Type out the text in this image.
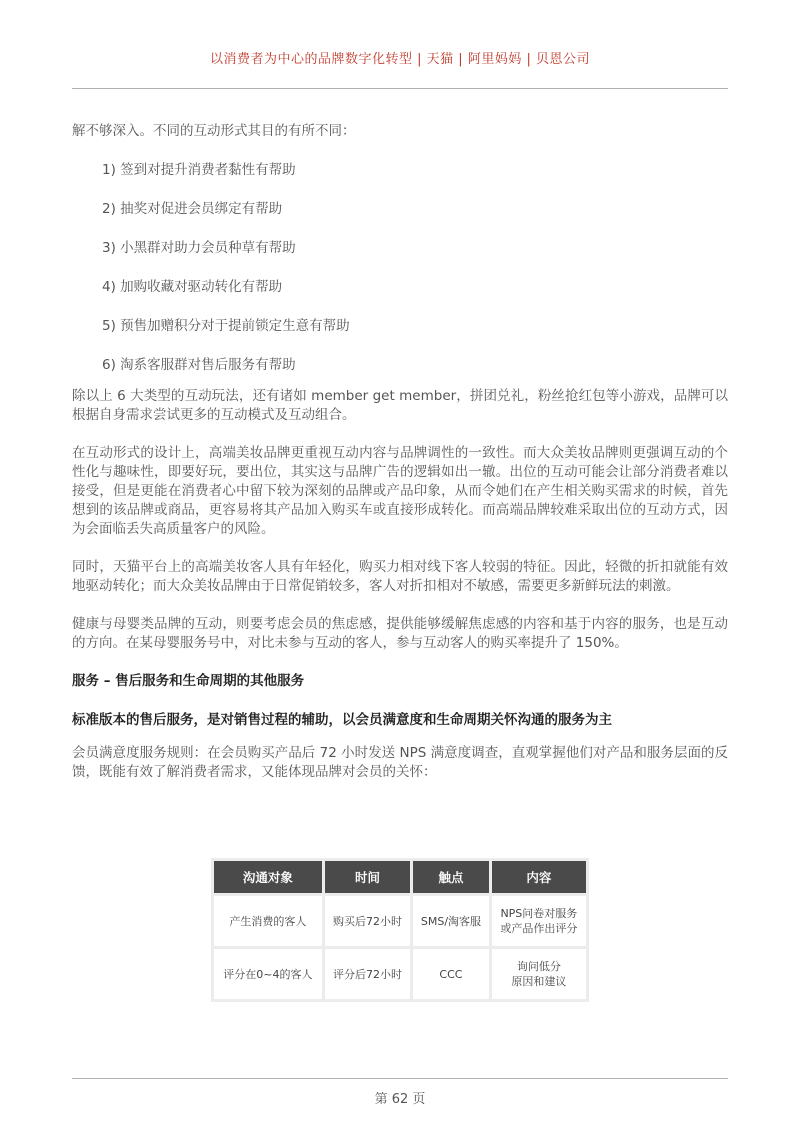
以消费者为中心的品牌数字化转型 | 天猫 | 阿里妈妈 | 贝恩公司

解不够深入。不同的互动形式其目的有所不同：

1) 签到对提升消费者黏性有帮助

2) 抽奖对促进会员绑定有帮助

3) 小黑群对助力会员种草有帮助

4) 加购收藏对驱动转化有帮助

5) 预售加赠积分对于提前锁定生意有帮助

6) 淘系客服群对售后服务有帮助

除以上 6 大类型的互动玩法，还有诸如 member get member，拼团兑礼，粉丝抢红包等小游戏，品牌可以根据自身需求尝试更多的互动模式及互动组合。

在互动形式的设计上，高端美妆品牌更重视互动内容与品牌调性的一致性。而大众美妆品牌则更强调互动的个性化与趣味性，即要好玩，要出位，其实这与品牌广告的逻辑如出一辙。出位的互动可能会让部分消费者难以接受，但是更能在消费者心中留下较为深刻的品牌或产品印象，从而令她们在产生相关购买需求的时候，首先想到的该品牌或商品，更容易将其产品加入购买车或直接形成转化。而高端品牌较难采取出位的互动方式，因为会面临丢失高质量客户的风险。

同时，天猫平台上的高端美妆客人具有年轻化，购买力相对线下客人较弱的特征。因此，轻微的折扣就能有效地驱动转化；而大众美妆品牌由于日常促销较多，客人对折扣相对不敏感，需要更多新鲜玩法的刺激。

健康与母婴类品牌的互动，则要考虑会员的焦虑感，提供能够缓解焦虑感的内容和基于内容的服务，也是互动的方向。在某母婴服务号中，对比未参与互动的客人，参与互动客人的购买率提升了 150%。

服务 – 售后服务和生命周期的其他服务

标准版本的售后服务，是对销售过程的辅助，以会员满意度和生命周期关怀沟通的服务为主

会员满意度服务规则：在会员购买产品后 72 小时发送 NPS 满意度调查，直观掌握他们对产品和服务层面的反馈，既能有效了解消费者需求，又能体现品牌对会员的关怀：

沟通对象	时间	触点	内容
产生消费的客人	购买后72小时	SMS/淘客服	NPS问卷对服务
或产品作出评分
评分在0~4的客人	评分后72小时	CCC	询问低分
原因和建议
第 62 页
